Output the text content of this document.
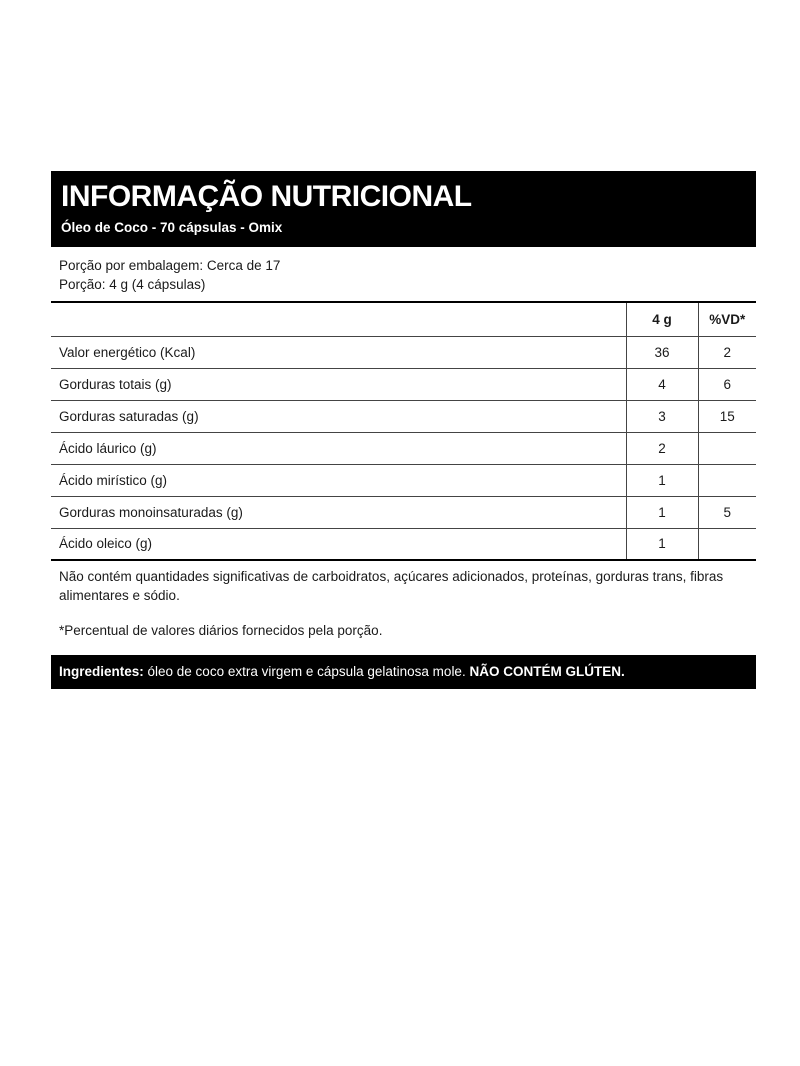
INFORMAÇÃO NUTRICIONAL
Óleo de Coco - 70 cápsulas - Omix
Porção por embalagem: Cerca de 17
Porção: 4 g (4 cápsulas)
	4 g	%VD*
Valor energético (Kcal)	36	2
Gorduras totais (g)	4	6
Gorduras saturadas (g)	3	15
Ácido láurico (g)	2	
Ácido mirístico (g)	1	
Gorduras monoinsaturadas (g)	1	5
Ácido oleico (g)	1	
Não contém quantidades significativas de carboidratos, açúcares adicionados, proteínas, gorduras trans, fibras alimentares e sódio.
*Percentual de valores diários fornecidos pela porção.
Ingredientes: óleo de coco extra virgem e cápsula gelatinosa mole. NÃO CONTÉM GLÚTEN.
